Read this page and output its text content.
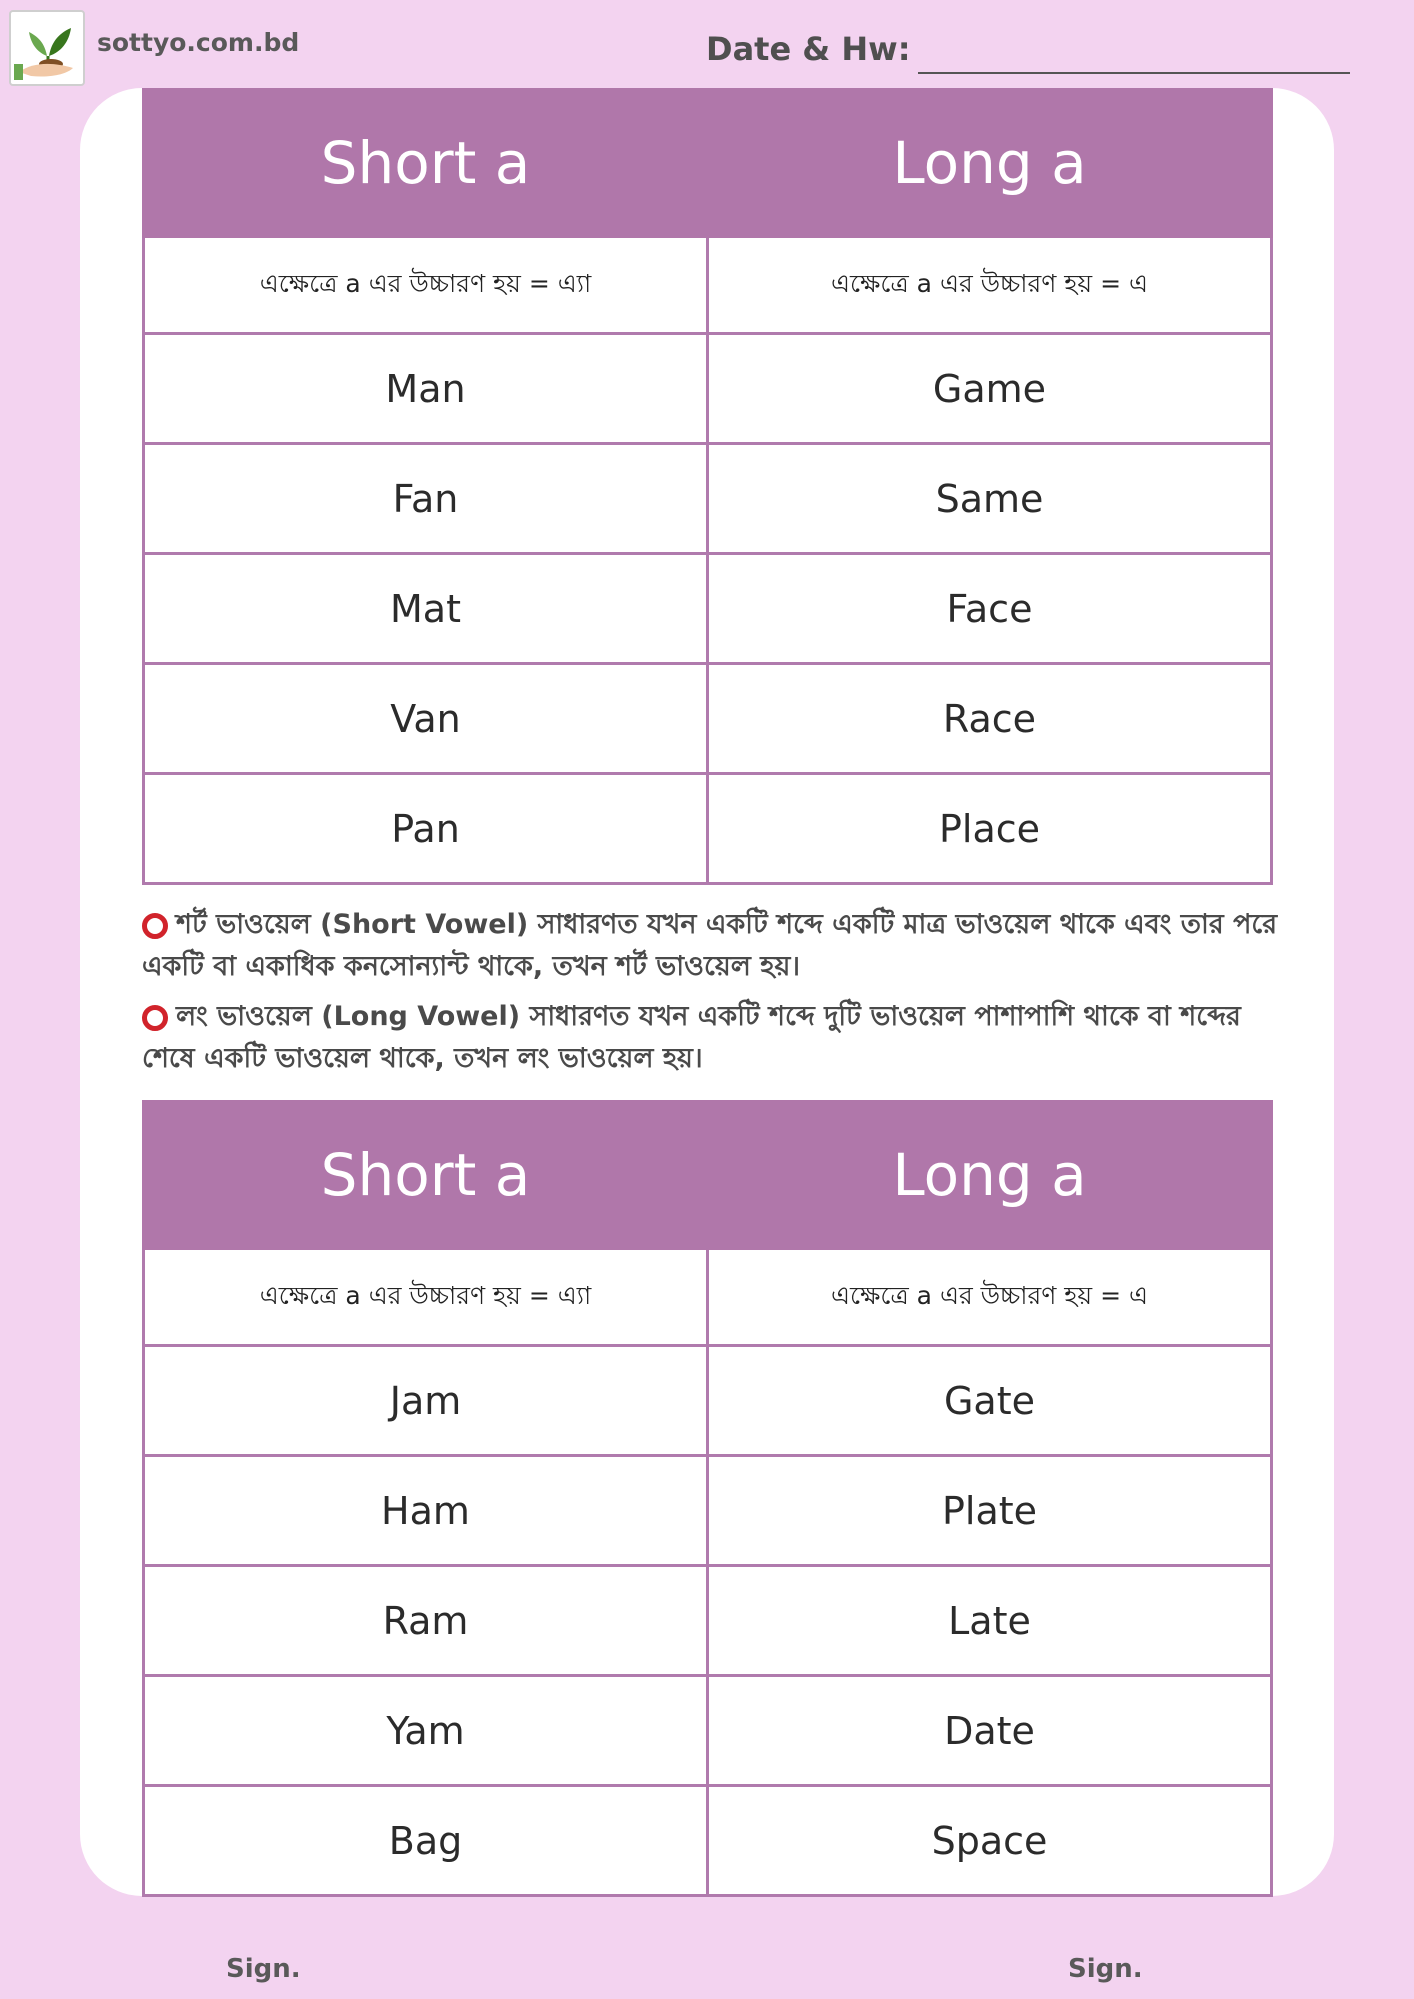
sottyo.com.bd	Date & Hw:
Short a	Long a
এক্ষেত্রে a এর উচ্চারণ হয় = এ্যা	এক্ষেত্রে a এর উচ্চারণ হয় = এ
Man	Game
Fan	Same
Mat	Face
Van	Race
Pan	Place
শর্ট ভাওয়েল (Short Vowel) সাধারণত যখন একটি শব্দে একটি মাত্র ভাওয়েল থাকে এবং তার পরে একটি বা একাধিক কনসোন্যান্ট থাকে, তখন শর্ট ভাওয়েল হয়।
লং ভাওয়েল (Long Vowel) সাধারণত যখন একটি শব্দে দুটি ভাওয়েল পাশাপাশি থাকে বা শব্দের শেষে একটি ভাওয়েল থাকে, তখন লং ভাওয়েল হয়।
Short a	Long a
এক্ষেত্রে a এর উচ্চারণ হয় = এ্যা	এক্ষেত্রে a এর উচ্চারণ হয় = এ
Jam	Gate
Ham	Plate
Ram	Late
Yam	Date
Bag	Space
Sign.	Sign.
